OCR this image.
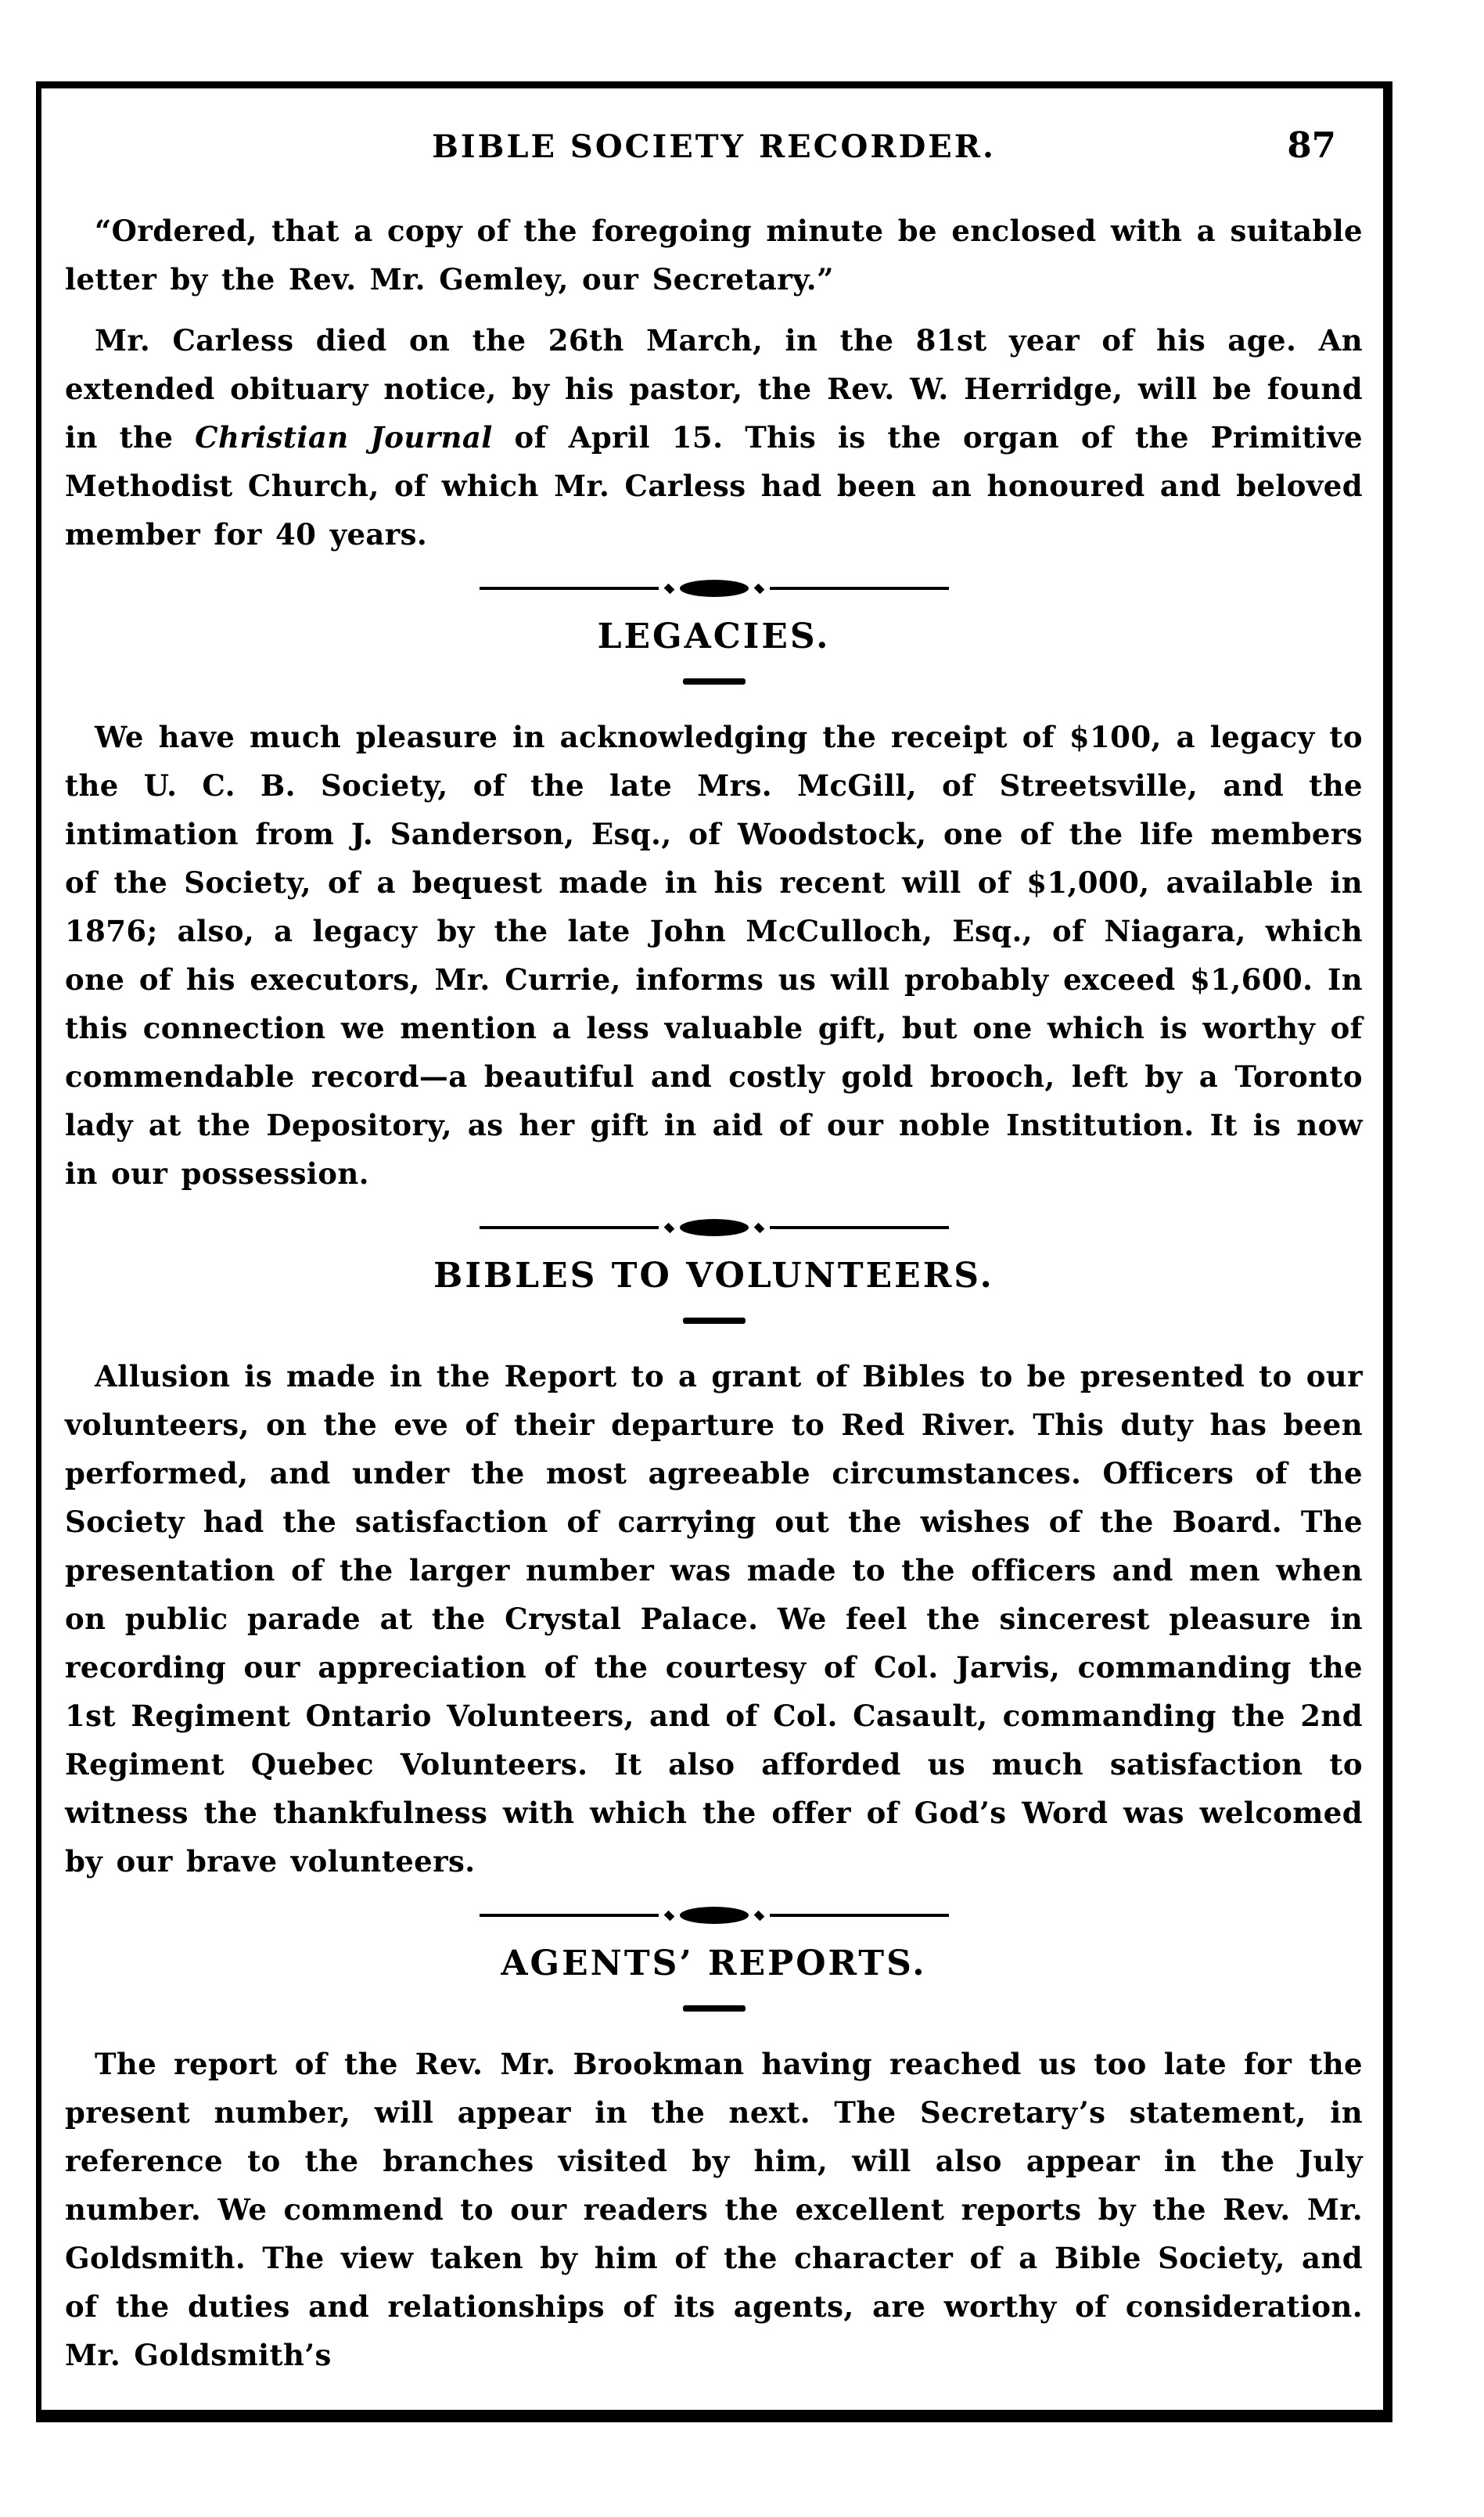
BIBLE SOCIETY RECORDER.	87

“Ordered, that a copy of the foregoing minute be enclosed with a suitable letter by the Rev. Mr. Gemley, our Secretary.”

Mr. Carless died on the 26th March, in the 81st year of his age. An extended obituary notice, by his pastor, the Rev. W. Herridge, will be found in the Christian Journal of April 15. This is the organ of the Primitive Methodist Church, of which Mr. Carless had been an honoured and beloved member for 40 years.

LEGACIES.

We have much pleasure in acknowledging the receipt of $100, a legacy to the U. C. B. Society, of the late Mrs. McGill, of Streetsville, and the intimation from J. Sanderson, Esq., of Woodstock, one of the life members of the Society, of a bequest made in his recent will of $1,000, available in 1876; also, a legacy by the late John McCulloch, Esq., of Niagara, which one of his executors, Mr. Currie, informs us will probably exceed $1,600. In this connection we mention a less valuable gift, but one which is worthy of commendable record—a beautiful and costly gold brooch, left by a Toronto lady at the Depository, as her gift in aid of our noble Institution. It is now in our possession.

BIBLES TO VOLUNTEERS.

Allusion is made in the Report to a grant of Bibles to be presented to our volunteers, on the eve of their departure to Red River. This duty has been performed, and under the most agreeable circumstances. Officers of the Society had the satisfaction of carrying out the wishes of the Board. The presentation of the larger number was made to the officers and men when on public parade at the Crystal Palace. We feel the sincerest pleasure in recording our appreciation of the courtesy of Col. Jarvis, commanding the 1st Regiment Ontario Volunteers, and of Col. Casault, commanding the 2nd Regiment Quebec Volunteers. It also afforded us much satisfaction to witness the thankfulness with which the offer of God’s Word was welcomed by our brave volunteers.

AGENTS’ REPORTS.

The report of the Rev. Mr. Brookman having reached us too late for the present number, will appear in the next. The Secretary’s statement, in reference to the branches visited by him, will also appear in the July number. We commend to our readers the excellent reports by the Rev. Mr. Goldsmith. The view taken by him of the character of a Bible Society, and of the duties and relationships of its agents, are worthy of consideration. Mr. Goldsmith’s
